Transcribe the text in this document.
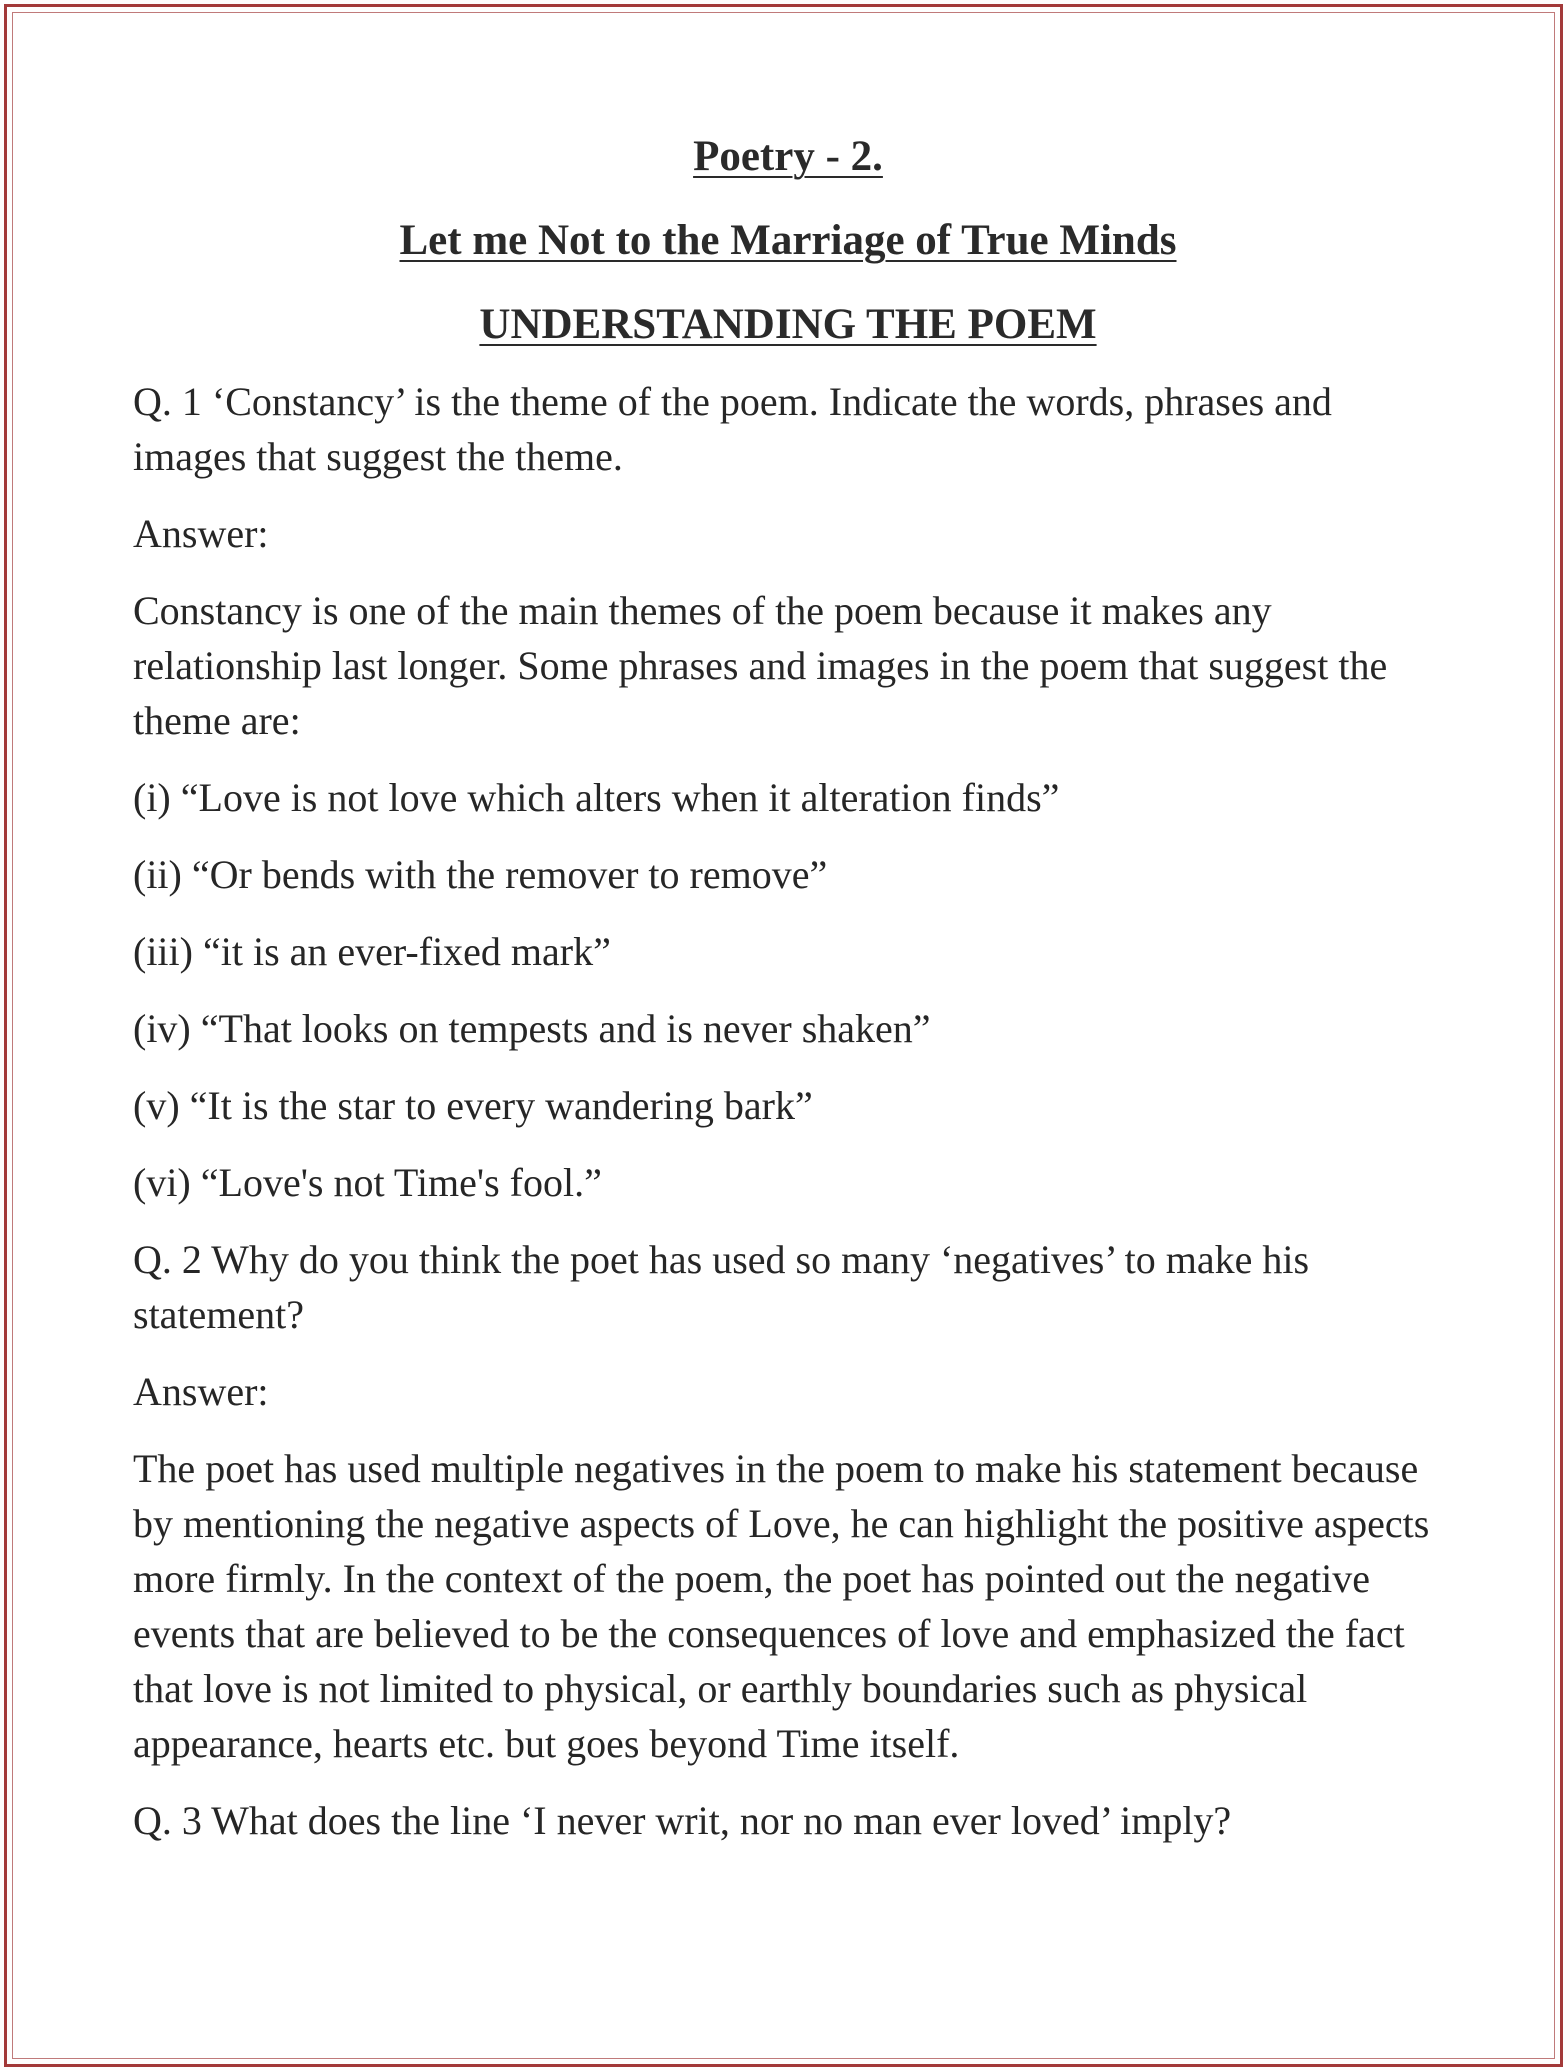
Poetry - 2.
Let me Not to the Marriage of True Minds
UNDERSTANDING THE POEM

Q. 1 ‘Constancy’ is the theme of the poem. Indicate the words, phrases and images that suggest the theme.

Answer:

Constancy is one of the main themes of the poem because it makes any relationship last longer. Some phrases and images in the poem that suggest the theme are:

(i) “Love is not love which alters when it alteration finds”

(ii) “Or bends with the remover to remove”

(iii) “it is an ever-fixed mark”

(iv) “That looks on tempests and is never shaken”

(v) “It is the star to every wandering bark”

(vi) “Love's not Time's fool.”

Q. 2 Why do you think the poet has used so many ‘negatives’ to make his statement?

Answer:

The poet has used multiple negatives in the poem to make his statement because by mentioning the negative aspects of Love, he can highlight the positive aspects more firmly. In the context of the poem, the poet has pointed out the negative events that are believed to be the consequences of love and emphasized the fact that love is not limited to physical, or earthly boundaries such as physical appearance, hearts etc. but goes beyond Time itself.

Q. 3 What does the line ‘I never writ, nor no man ever loved’ imply?
